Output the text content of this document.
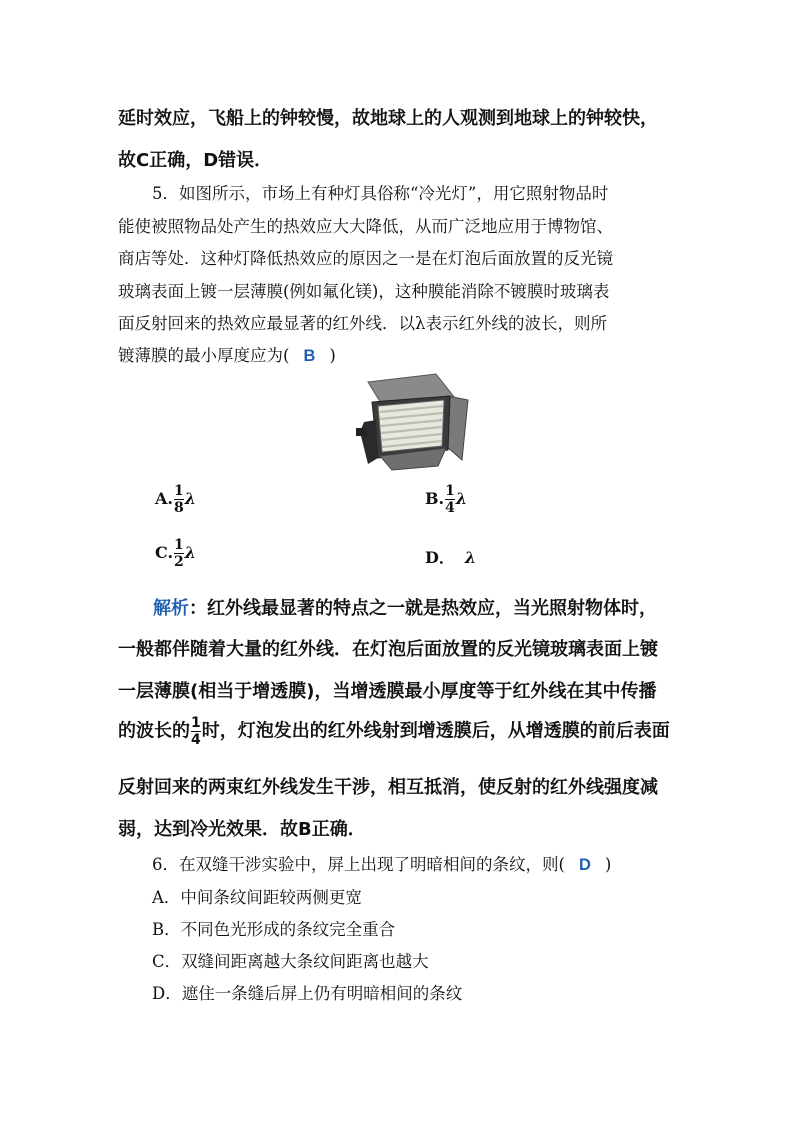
延时效应，飞船上的钟较慢，故地球上的人观测到地球上的钟较快，
故C正确，D错误．
5．如图所示，市场上有种灯具俗称“冷光灯”，用它照射物品时
能使被照物品处产生的热效应大大降低，从而广泛地应用于博物馆、
商店等处．这种灯降低热效应的原因之一是在灯泡后面放置的反光镜
玻璃表面上镀一层薄膜(例如氟化镁)，这种膜能消除不镀膜时玻璃表
面反射回来的热效应最显著的红外线．以λ表示红外线的波长，则所
镀薄膜的最小厚度应为( B )
A. $\frac{1}{8}$ λ	B. $\frac{1}{4}$ λ
C. $\frac{1}{2}$ λ	D． λ
解析：红外线最显著的特点之一就是热效应，当光照射物体时，
一般都伴随着大量的红外线．在灯泡后面放置的反光镜玻璃表面上镀
一层薄膜(相当于增透膜)，当增透膜最小厚度等于红外线在其中传播
的波长的 $\frac{1}{4}$ 时，灯泡发出的红外线射到增透膜后，从增透膜的前后表面
反射回来的两束红外线发生干涉，相互抵消，使反射的红外线强度减
弱，达到冷光效果．故B正确．
6．在双缝干涉实验中，屏上出现了明暗相间的条纹，则( D )
A．中间条纹间距较两侧更宽
B．不同色光形成的条纹完全重合
C．双缝间距离越大条纹间距离也越大
D．遮住一条缝后屏上仍有明暗相间的条纹
